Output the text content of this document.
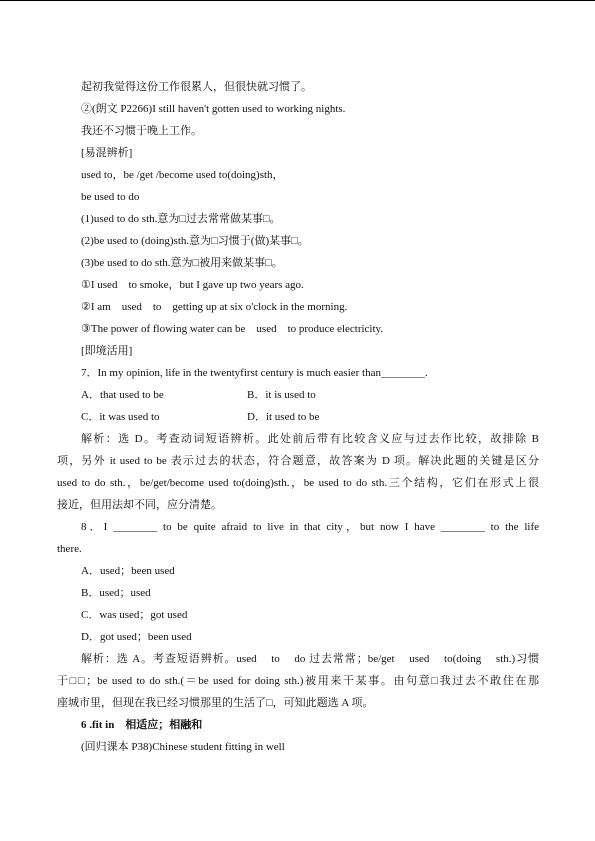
起初我觉得这份工作很累人，但很快就习惯了。
②(朗文 P2266)I still haven't gotten used to working nights.
我还不习惯于晚上工作。
[易混辨析]
used to，be /get /become used to(doing)sth，
be used to do
(1)used to do sth.意为□过去常常做某事□。
(2)be used to (doing)sth.意为□习惯于(做)某事□。
(3)be used to do sth.意为□被用来做某事□。
①I used    to smoke，but I gave up two years ago.
②I am    used    to    getting up at six o'clock in the morning.
③The power of flowing water can be    used    to produce electricity.
[即境活用]
7．In my opinion, life in the twentyfirst century is much easier than________.
A．that used to be	B．it is used to
C．it was used to	D．it used to be
解析：选 D。考查动词短语辨析。此处前后带有比较含义应与过去作比较，故排除 B
项，另外 it used to be 表示过去的状态，符合题意，故答案为 D 项。解决此题的关键是区分
used to do sth.，be/get/become used to(doing)sth.，be used to do sth.三个结构，它们在形式上很
接近，但用法却不同，应分清楚。
8．I ________ to be quite afraid to live in that city，but now I have ________ to the life
there.
A．used；been used
B．used；used
C．was used；got used
D．got used；been used
解析：选 A。考查短语辨析。used    to    do 过去常常；be/get    used    to(doing    sth.)习惯
于□□；be used to do sth.(＝be used for doing sth.)被用来干某事。由句意□我过去不敢住在那
座城市里，但现在我已经习惯那里的生活了□，可知此题选 A 项。
6 .fit in    相适应；相融和
(回归课本 P38)Chinese student fitting in well
